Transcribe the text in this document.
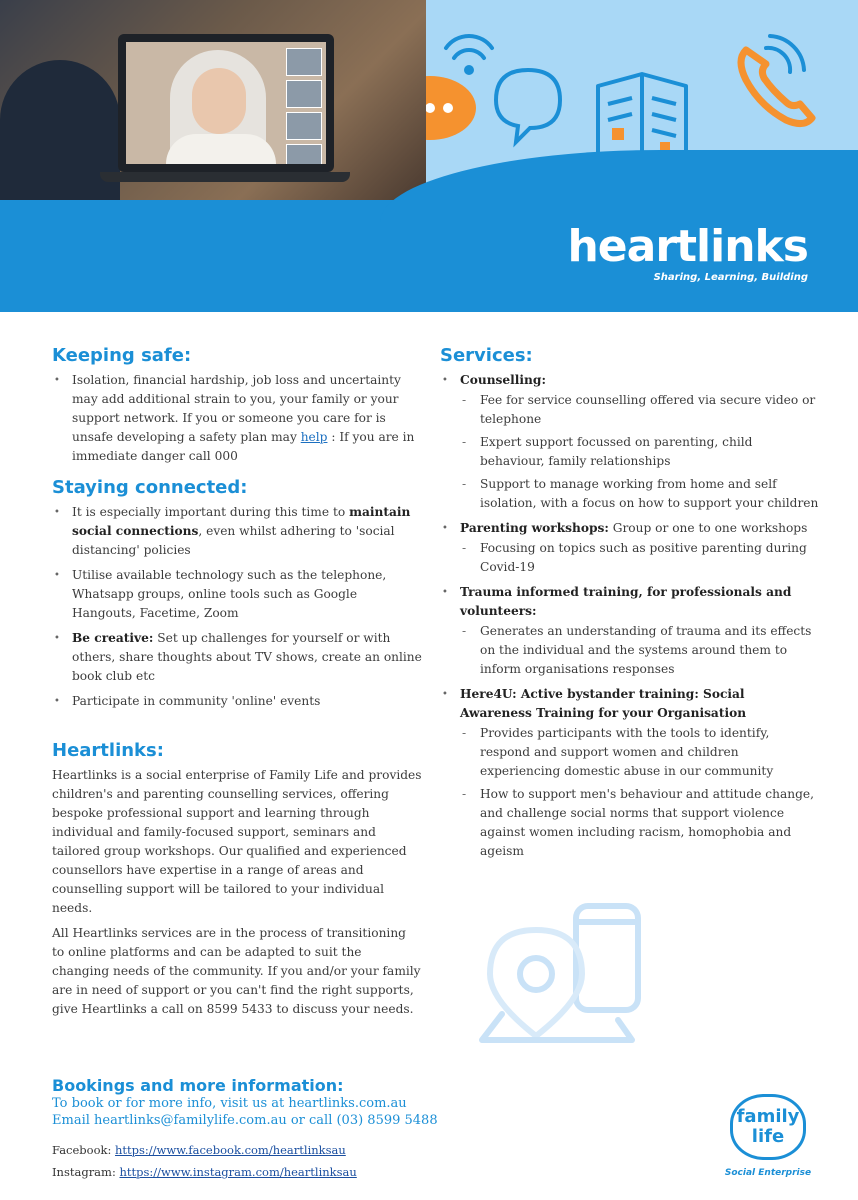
heartlinks
Sharing, Learning, Building
Keeping safe:
• Isolation, financial hardship, job loss and uncertainty may add additional strain to you, your family or your support network. If you or someone you care for is unsafe developing a safety plan may help : If you are in immediate danger call 000
Staying connected:
• It is especially important during this time to maintain social connections, even whilst adhering to 'social distancing' policies
• Utilise available technology such as the telephone, Whatsapp groups, online tools such as Google Hangouts, Facetime, Zoom
• Be creative: Set up challenges for yourself or with others, share thoughts about TV shows, create an online book club etc
• Participate in community 'online' events
Heartlinks:

Heartlinks is a social enterprise of Family Life and provides children's and parenting counselling services, offering bespoke professional support and learning through individual and family-focused support, seminars and tailored group workshops. Our qualified and experienced counsellors have expertise in a range of areas and counselling support will be tailored to your individual needs.

All Heartlinks services are in the process of transitioning to online platforms and can be adapted to suit the changing needs of the community. If you and/or your family are in need of support or you can't find the right supports, give Heartlinks a call on 8599 5433 to discuss your needs.

Services:
• Counselling:
- Fee for service counselling offered via secure video or telephone
- Expert support focussed on parenting, child behaviour, family relationships
- Support to manage working from home and self isolation, with a focus on how to support your children
• Parenting workshops: Group or one to one workshops
- Focusing on topics such as positive parenting during Covid-19
• Trauma informed training, for professionals and volunteers:
- Generates an understanding of trauma and its effects on the individual and the systems around them to inform organisations responses
• Here4U: Active bystander training: Social Awareness Training for your Organisation
- Provides participants with the tools to identify, respond and support women and children experiencing domestic abuse in our community
- How to support men's behaviour and attitude change, and challenge social norms that support violence against women including racism, homophobia and ageism
Bookings and more information:
To book or for more info, visit us at heartlinks.com.au
Email heartlinks@familylife.com.au or call (03) 8599 5488
Facebook: https://www.facebook.com/heartlinksau
Instagram: https://www.instagram.com/heartlinksau
family
life
Social Enterprise
